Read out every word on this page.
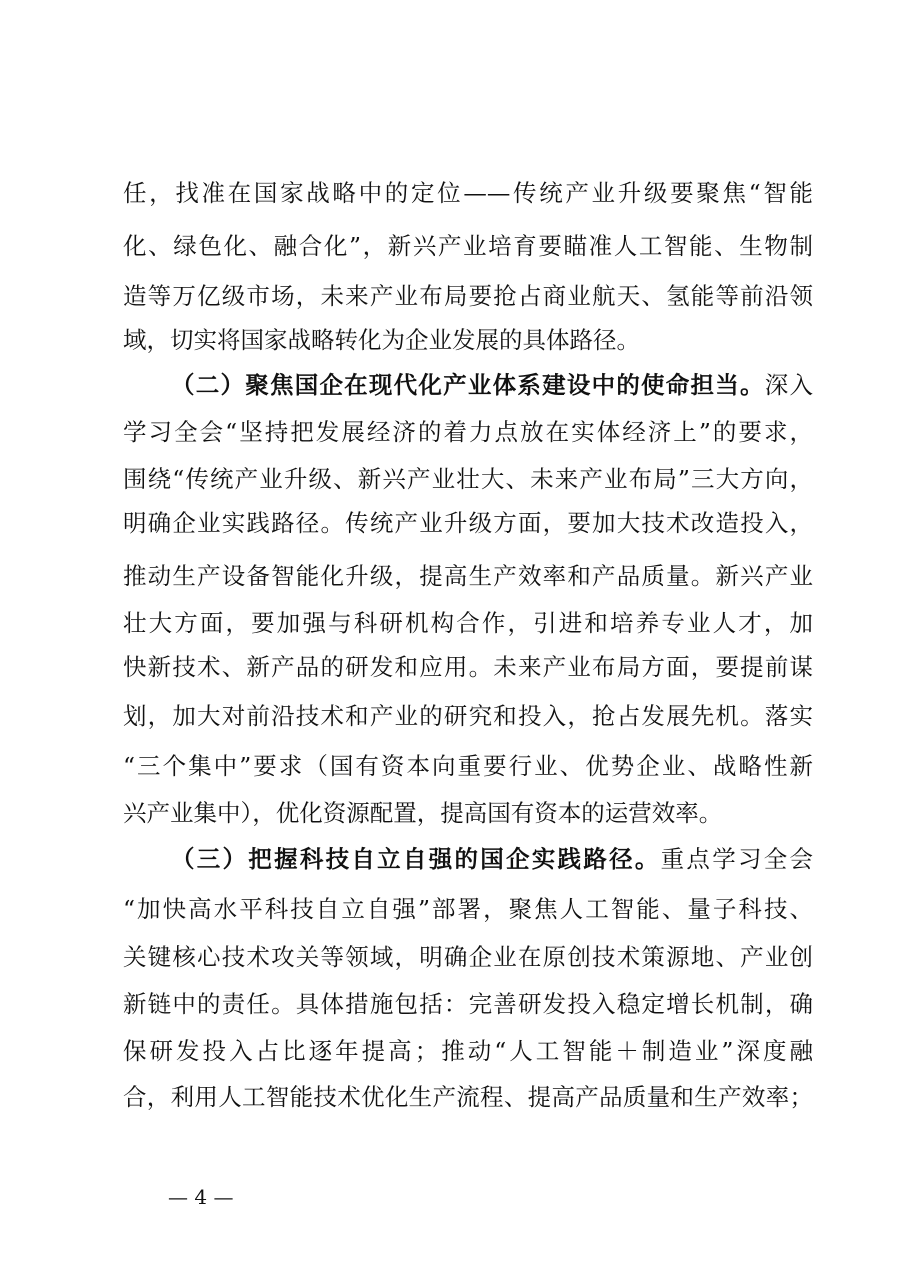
任，找准在国家战略中的定位——传统产业升级要聚焦“智能
化、绿色化、融合化”，新兴产业培育要瞄准人工智能、生物制
造等万亿级市场，未来产业布局要抢占商业航天、氢能等前沿领
域，切实将国家战略转化为企业发展的具体路径。
（二）聚焦国企在现代化产业体系建设中的使命担当。深入
学习全会“坚持把发展经济的着力点放在实体经济上”的要求，
围绕“传统产业升级、新兴产业壮大、未来产业布局”三大方向，
明确企业实践路径。传统产业升级方面，要加大技术改造投入，
推动生产设备智能化升级，提高生产效率和产品质量。新兴产业
壮大方面，要加强与科研机构合作，引进和培养专业人才，加
快新技术、新产品的研发和应用。未来产业布局方面，要提前谋
划，加大对前沿技术和产业的研究和投入，抢占发展先机。落实
“三个集中”要求（国有资本向重要行业、优势企业、战略性新
兴产业集中），优化资源配置，提高国有资本的运营效率。
（三）把握科技自立自强的国企实践路径。重点学习全会
“加快高水平科技自立自强”部署，聚焦人工智能、量子科技、
关键核心技术攻关等领域，明确企业在原创技术策源地、产业创
新链中的责任。具体措施包括：完善研发投入稳定增长机制，确
保研发投入占比逐年提高；推动“人工智能＋制造业”深度融
合，利用人工智能技术优化生产流程、提高产品质量和生产效率；
— 4 —
